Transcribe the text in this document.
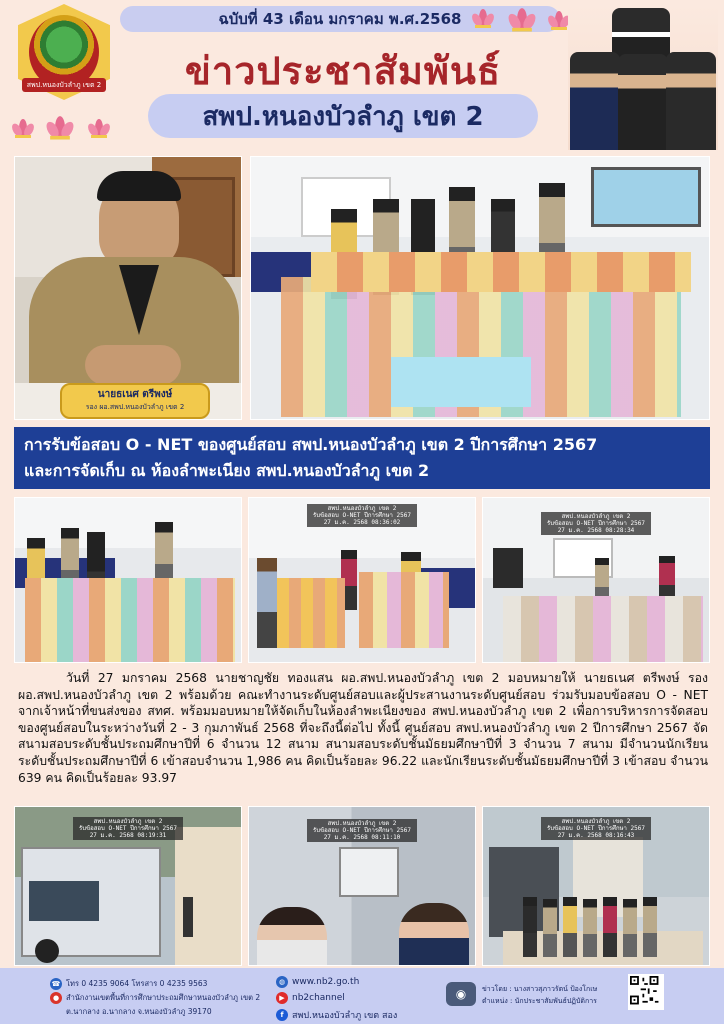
สพป.หนองบัวลำภู เขต 2
ฉบับที่ 43 เดือน มกราคม พ.ศ.2568
ข่าวประชาสัมพันธ์
สพป.หนองบัวลำภู เขต 2
นายธเนศ ตรีพงษ์
รอง ผอ.สพป.หนองบัวลำภู เขต 2
การรับข้อสอบ O - NET ของศูนย์สอบ สพป.หนองบัวลำภู เขต 2 ปีการศึกษา 2567
และการจัดเก็บ ณ ห้องลำพะเนียง สพป.หนองบัวลำภู เขต 2
สพป.หนองบัวลำภู เขต 2
รับข้อสอบ O-NET ปีการศึกษา 2567
27 ม.ค. 2568 08:36:02
สพป.หนองบัวลำภู เขต 2
รับข้อสอบ O-NET ปีการศึกษา 2567
27 ม.ค. 2568 08:28:34

วันที่ 27 มกราคม 2568 นายชาญชัย ทองแสน ผอ.สพป.หนองบัวลำภู เขต 2 มอบหมายให้ นายธเนศ ตรีพงษ์ รอง ผอ.สพป.หนองบัวลำภู เขต 2 พร้อมด้วย คณะทำงานระดับศูนย์สอบและผู้ประสานงานระดับศูนย์สอบ ร่วมรับมอบข้อสอบ O - NET จากเจ้าหน้าที่ขนส่งของ สทศ. พร้อมมอบหมายให้จัดเก็บในห้องลำพะเนียงของ สพป.หนองบัวลำภู เขต 2 เพื่อการบริหารการจัดสอบของศูนย์สอบในระหว่างวันที่ 2 - 3 กุมภาพันธ์ 2568 ที่จะถึงนี้ต่อไป ทั้งนี้ ศูนย์สอบ สพป.หนองบัวลำภู เขต 2 ปีการศึกษา 2567 จัดสนามสอบระดับชั้นประถมศึกษาปีที่ 6 จำนวน 12 สนาม สนามสอบระดับชั้นมัธยมศึกษาปีที่ 3 จำนวน 7 สนาม มีจำนวนนักเรียนระดับชั้นประถมศึกษาปีที่ 6 เข้าสอบจำนวน 1,986 คน คิดเป็นร้อยละ 96.22 และนักเรียนระดับชั้นมัธยมศึกษาปีที่ 3 เข้าสอบ จำนวน 639 คน คิดเป็นร้อยละ 93.97

สพป.หนองบัวลำภู เขต 2
รับข้อสอบ O-NET ปีการศึกษา 2567
27 ม.ค. 2568 08:19:31
สพป.หนองบัวลำภู เขต 2
รับข้อสอบ O-NET ปีการศึกษา 2567
27 ม.ค. 2568 08:11:10
สพป.หนองบัวลำภู เขต 2
รับข้อสอบ O-NET ปีการศึกษา 2567
27 ม.ค. 2568 08:16:43
☎ โทร 0 4235 9064 โทรสาร 0 4235 9563
● สำนักงานเขตพื้นที่การศึกษาประถมศึกษาหนองบัวลำภู เขต 2
ต.นากลาง อ.นากลาง จ.หนองบัวลำภู 39170
◍ www.nb2.go.th
▶ nb2channel
f สพป.หนองบัวลำภู เขต สอง
◉	ข่าวโดย : นางสาวสุภาวรัตน์ ป้องโกเษ
ตำแหน่ง : นักประชาสัมพันธ์ปฏิบัติการ
